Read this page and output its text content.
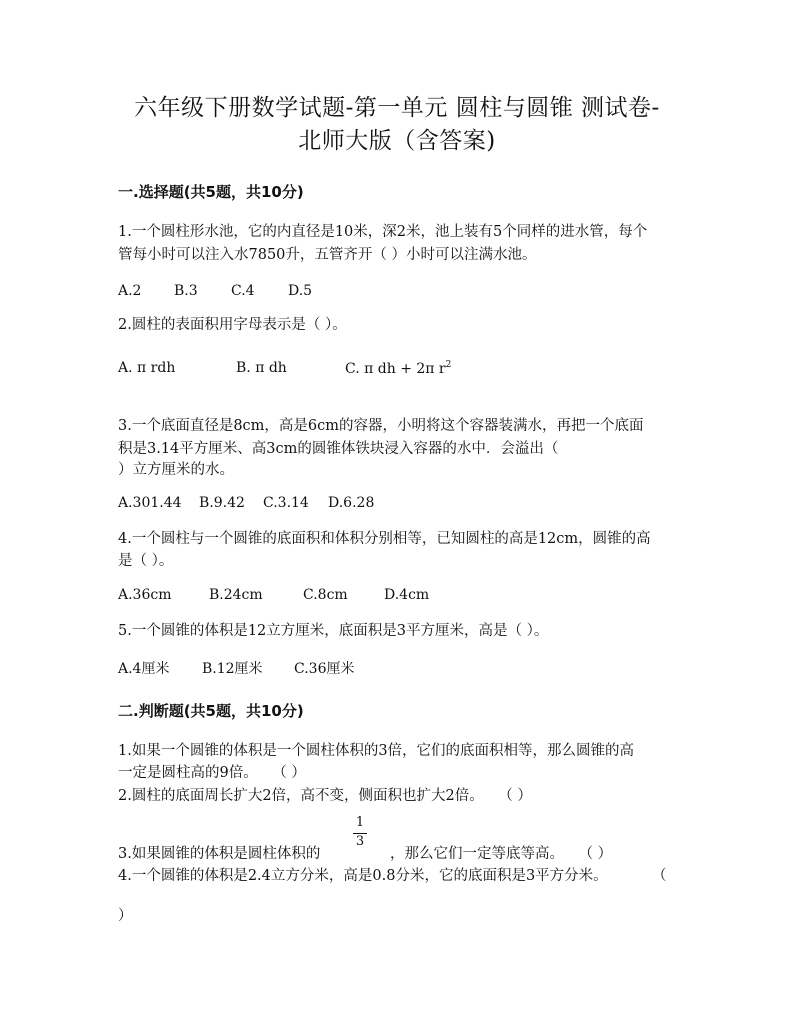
六年级下册数学试题-第一单元 圆柱与圆锥 测试卷-
北师大版（含答案)
一.选择题(共5题，共10分)
1.一个圆柱形水池，它的内直径是10米，深2米，池上装有5个同样的进水管，每个
管每小时可以注入水7850升，五管齐开（ ）小时可以注满水池。
A.2 B.3 C.4 D.5
2.圆柱的表面积用字母表示是（ ）。
A. π rdh	B. π dh	C. π dh + 2π $r^2$
3.一个底面直径是8cm，高是6cm的容器，小明将这个容器装满水，再把一个底面
积是3.14平方厘米、高3cm的圆锥体铁块浸入容器的水中．会溢出（
）立方厘米的水。
A.301.44 B.9.42 C.3.14 D.6.28
4.一个圆柱与一个圆锥的底面积和体积分别相等，已知圆柱的高是12cm，圆锥的高
是（ ）。
A.36cm	B.24cm	C.8cm	D.4cm
5.一个圆锥的体积是12立方厘米，底面积是3平方厘米，高是（ ）。
A.4厘米 B.12厘米 C.36厘米
二.判断题(共5题，共10分)
1.如果一个圆锥的体积是一个圆柱体积的3倍，它们的底面积相等，那么圆锥的高
一定是圆柱高的9倍。　　（ ）
2.圆柱的底面周长扩大2倍，高不变，侧面积也扩大2倍。　　（ ）
1
3
3.如果圆锥的体积是圆柱体积的	，那么它们一定等底等高。　　（ ）
4.一个圆锥的体积是2.4立方分米，高是0.8分米，它的底面积是3平方分米。	（
）
